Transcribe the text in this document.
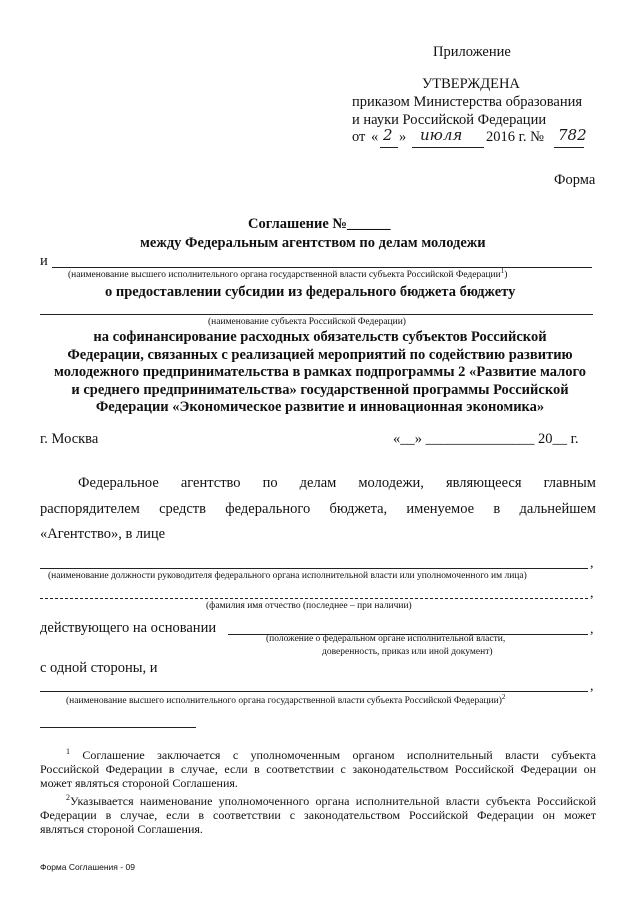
Приложение
УТВЕРЖДЕНА
приказом Министерства образования
и науки Российской Федерации
от « 2 » июля 2016 г. № 782
Форма
Соглашение №______
между Федеральным агентством по делам молодежи
и
(наименование высшего исполнительного органа государственной власти субъекта Российской Федерации$^1$)
о предоставлении субсидии из федерального бюджета бюджету
(наименование субъекта Российской Федерации)
на софинансирование расходных обязательств субъектов Российской
Федерации, связанных с реализацией мероприятий по содействию развитию
молодежного предпринимательства в рамках подпрограммы 2 «Развитие малого
и среднего предпринимательства» государственной программы Российской
Федерации «Экономическое развитие и инновационная экономика»
г. Москва	«__» _______________ 20__ г.
Федеральное агентство по делам молодежи, являющееся главным
распорядителем средств федерального бюджета, именуемое в дальнейшем
«Агентство», в лице
,
(наименование должности руководителя федерального органа исполнительной власти или уполномоченного им лица)
,
(фамилия имя отчество (последнее – при наличии)
действующего на основании	,
(положение о федеральном органе исполнительной власти,
доверенность, приказ или иной документ)
с одной стороны, и
,
(наименование высшего исполнительного органа государственной власти субъекта Российской Федерации)$^2$
$^1$ Соглашение заключается с уполномоченным органом исполнительный власти субъекта
Российской Федерации в случае, если в соответствии с законодательством Российской Федерации он
может являться стороной Соглашения.
$^2$Указывается наименование уполномоченного органа исполнительной власти субъекта Российской
Федерации в случае, если в соответствии с законодательством Российской Федерации он может
являться стороной Соглашения.
Форма Соглашения - 09
